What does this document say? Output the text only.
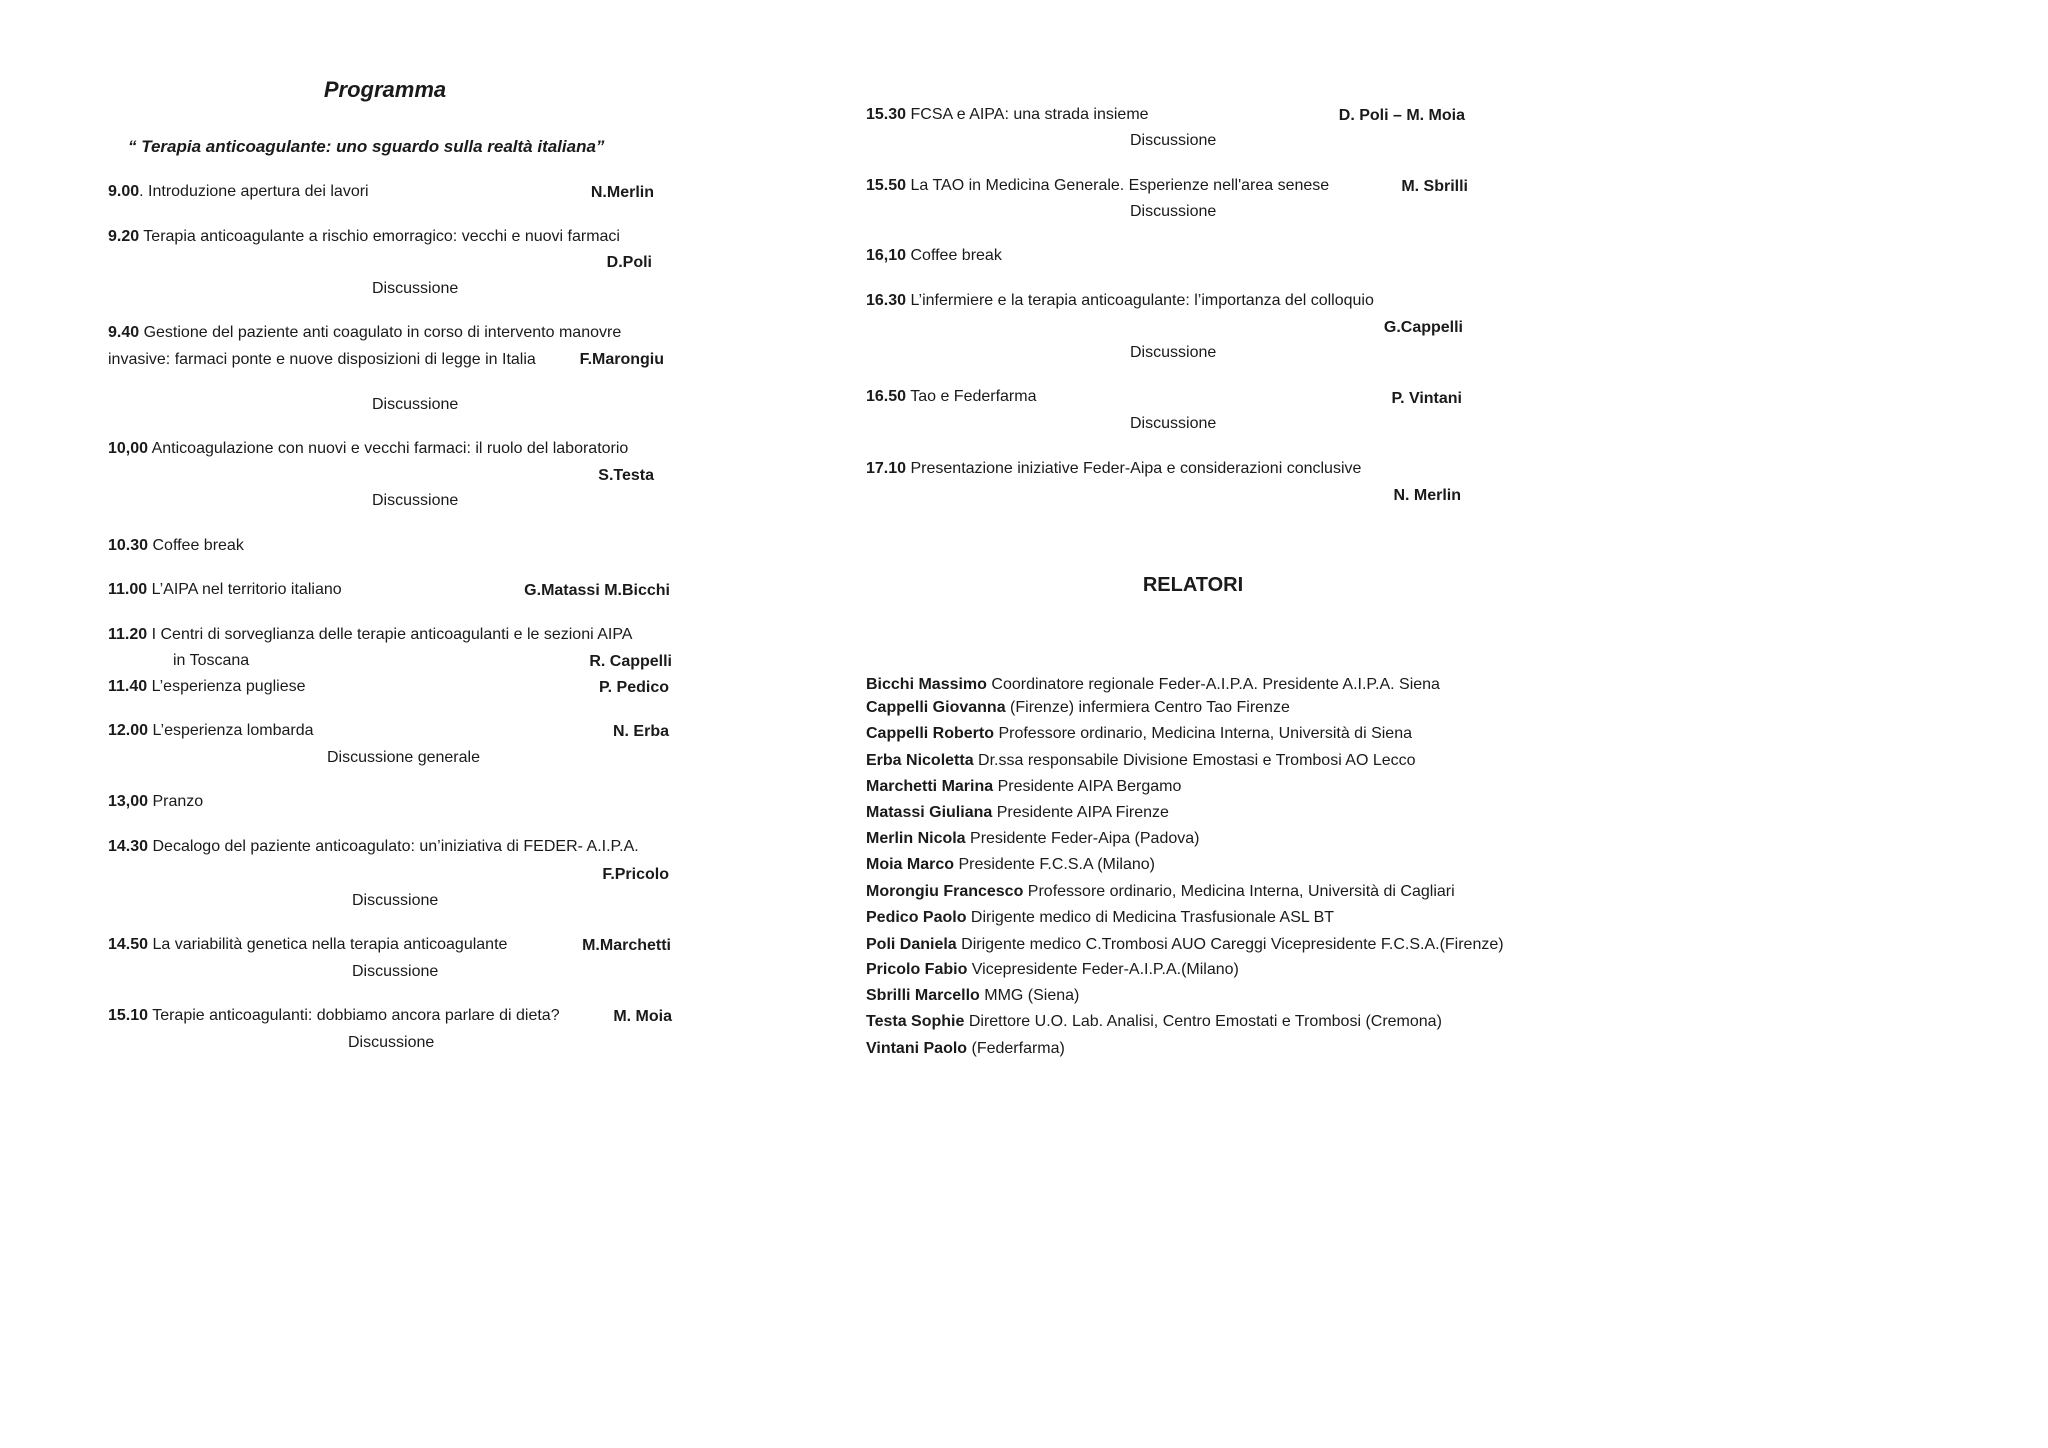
Programma
“ Terapia anticoagulante: uno sguardo sulla realtà italiana”
9.00. Introduzione apertura dei lavori	N.Merlin
9.20 Terapia anticoagulante a rischio emorragico: vecchi e nuovi farmaci
D.Poli
Discussione
9.40 Gestione del paziente anti coagulato in corso di intervento manovre
invasive: farmaci ponte e nuove disposizioni di legge in Italia	F.Marongiu
Discussione
10,00 Anticoagulazione con nuovi e vecchi farmaci: il ruolo del laboratorio
S.Testa
Discussione
10.30 Coffee break
11.00 L’AIPA nel territorio italiano	G.Matassi M.Bicchi
11.20 I Centri di sorveglianza delle terapie anticoagulanti e le sezioni AIPA
in Toscana	R. Cappelli
11.40 L’esperienza pugliese	P. Pedico
12.00 L’esperienza lombarda	N. Erba
Discussione generale
13,00 Pranzo
14.30 Decalogo del paziente anticoagulato: un’iniziativa di FEDER- A.I.P.A.
F.Pricolo
Discussione
14.50 La variabilità genetica nella terapia anticoagulante	M.Marchetti
Discussione
15.10 Terapie anticoagulanti: dobbiamo ancora parlare di dieta?	M. Moia
Discussione
15.30 FCSA e AIPA: una strada insieme	D. Poli – M. Moia
Discussione
15.50 La TAO in Medicina Generale. Esperienze nell'area senese	M. Sbrilli
Discussione
16,10 Coffee break
16.30 L’infermiere e la terapia anticoagulante: l’importanza del colloquio
G.Cappelli
Discussione
16.50 Tao e Federfarma	P. Vintani
Discussione
17.10 Presentazione iniziative Feder-Aipa e considerazioni conclusive
N. Merlin
RELATORI
Bicchi Massimo Coordinatore regionale Feder-A.I.P.A. Presidente A.I.P.A. Siena
Cappelli Giovanna (Firenze) infermiera Centro Tao Firenze
Cappelli Roberto Professore ordinario, Medicina Interna, Università di Siena
Erba Nicoletta Dr.ssa responsabile Divisione Emostasi e Trombosi AO Lecco
Marchetti Marina Presidente AIPA Bergamo
Matassi Giuliana Presidente AIPA Firenze
Merlin Nicola Presidente Feder-Aipa (Padova)
Moia Marco Presidente F.C.S.A (Milano)
Morongiu Francesco Professore ordinario, Medicina Interna, Università di Cagliari
Pedico Paolo Dirigente medico di Medicina Trasfusionale ASL BT
Poli Daniela Dirigente medico C.Trombosi AUO Careggi Vicepresidente F.C.S.A.(Firenze)
Pricolo Fabio Vicepresidente Feder-A.I.P.A.(Milano)
Sbrilli Marcello MMG (Siena)
Testa Sophie Direttore U.O. Lab. Analisi, Centro Emostati e Trombosi (Cremona)
Vintani Paolo (Federfarma)
